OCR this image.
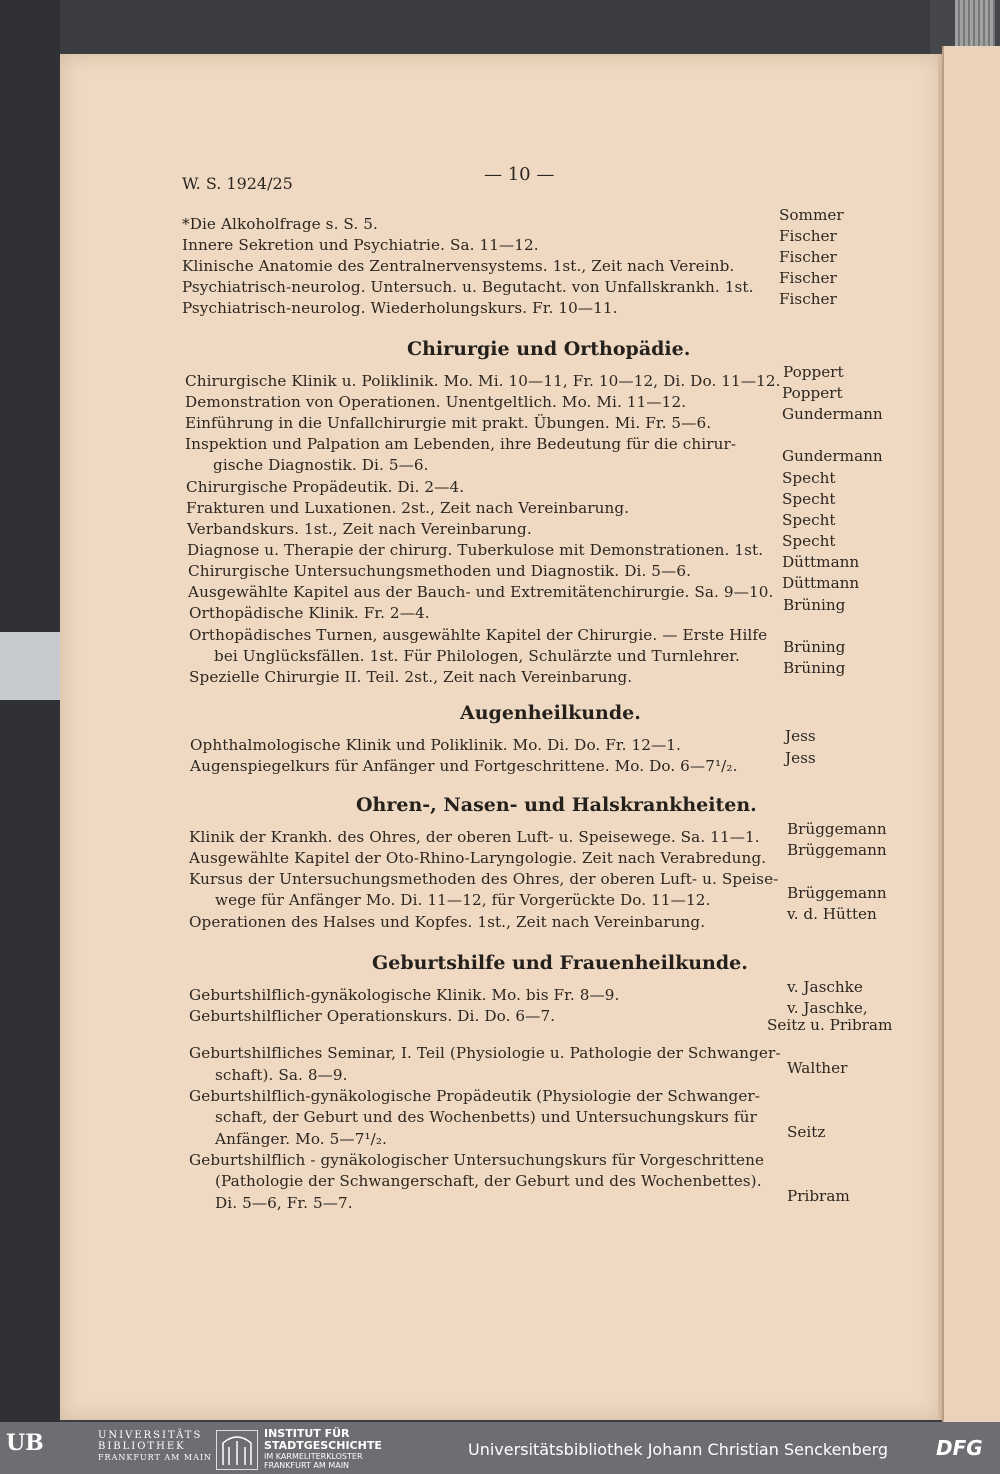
W. S. 1924/25	— 10 —
*Die Alkoholfrage s. S. 5.
Innere Sekretion und Psychiatrie. Sa. 11—12.
Klinische Anatomie des Zentralnervensystems. 1st., Zeit nach Vereinb.
Psychiatrisch-neurolog. Untersuch. u. Begutacht. von Unfallskrankh. 1st.
Psychiatrisch-neurolog. Wiederholungskurs. Fr. 10—11.
Sommer
Fischer
Fischer
Fischer
Fischer
Chirurgie und Orthopädie.
Chirurgische Klinik u. Poliklinik. Mo. Mi. 10—11, Fr. 10—12, Di. Do. 11—12.
Demonstration von Operationen. Unentgeltlich. Mo. Mi. 11—12.
Einführung in die Unfallchirurgie mit prakt. Übungen. Mi. Fr. 5—6.
Inspektion und Palpation am Lebenden, ihre Bedeutung für die chirur-
gische Diagnostik. Di. 5—6.
Chirurgische Propädeutik. Di. 2—4.
Frakturen und Luxationen. 2st., Zeit nach Vereinbarung.
Verbandskurs. 1st., Zeit nach Vereinbarung.
Diagnose u. Therapie der chirurg. Tuberkulose mit Demonstrationen. 1st.
Chirurgische Untersuchungsmethoden und Diagnostik. Di. 5—6.
Ausgewählte Kapitel aus der Bauch- und Extremitätenchirurgie. Sa. 9—10.
Orthopädische Klinik. Fr. 2—4.
Orthopädisches Turnen, ausgewählte Kapitel der Chirurgie. — Erste Hilfe
bei Unglücksfällen. 1st. Für Philologen, Schulärzte und Turnlehrer.
Spezielle Chirurgie II. Teil. 2st., Zeit nach Vereinbarung.
Poppert
Poppert
Gundermann
Gundermann
Specht
Specht
Specht
Specht
Düttmann
Düttmann
Brüning
Brüning
Brüning
Augenheilkunde.
Ophthalmologische Klinik und Poliklinik. Mo. Di. Do. Fr. 12—1.
Augenspiegelkurs für Anfänger und Fortgeschrittene. Mo. Do. 6—7¹/₂.
Jess
Jess
Ohren-, Nasen- und Halskrankheiten.
Klinik der Krankh. des Ohres, der oberen Luft- u. Speisewege. Sa. 11—1.
Ausgewählte Kapitel der Oto-Rhino-Laryngologie. Zeit nach Verabredung.
Kursus der Untersuchungsmethoden des Ohres, der oberen Luft- u. Speise-
wege für Anfänger Mo. Di. 11—12, für Vorgerückte Do. 11—12.
Operationen des Halses und Kopfes. 1st., Zeit nach Vereinbarung.
Brüggemann
Brüggemann
Brüggemann
v. d. Hütten
Geburtshilfe und Frauenheilkunde.
Geburtshilflich-gynäkologische Klinik. Mo. bis Fr. 8—9.
Geburtshilflicher Operationskurs. Di. Do. 6—7.
Geburtshilfliches Seminar, I. Teil (Physiologie u. Pathologie der Schwanger-
schaft). Sa. 8—9.
Geburtshilflich-gynäkologische Propädeutik (Physiologie der Schwanger-
schaft, der Geburt und des Wochenbetts) und Untersuchungskurs für
Anfänger. Mo. 5—7¹/₂.
Geburtshilflich - gynäkologischer Untersuchungskurs für Vorgeschrittene
(Pathologie der Schwangerschaft, der Geburt und des Wochenbettes).
Di. 5—6, Fr. 5—7.
v. Jaschke
v. Jaschke,
Seitz u. Pribram
Walther
Seitz
Pribram
UB	UNIVERSITÄTS
BIBLIOTHEK
FRANKFURT AM MAIN
INSTITUT FÜR
STADTGESCHICHTE
IM KARMELITERKLOSTER
FRANKFURT AM MAIN
Universitätsbibliothek Johann Christian Senckenberg DFG
